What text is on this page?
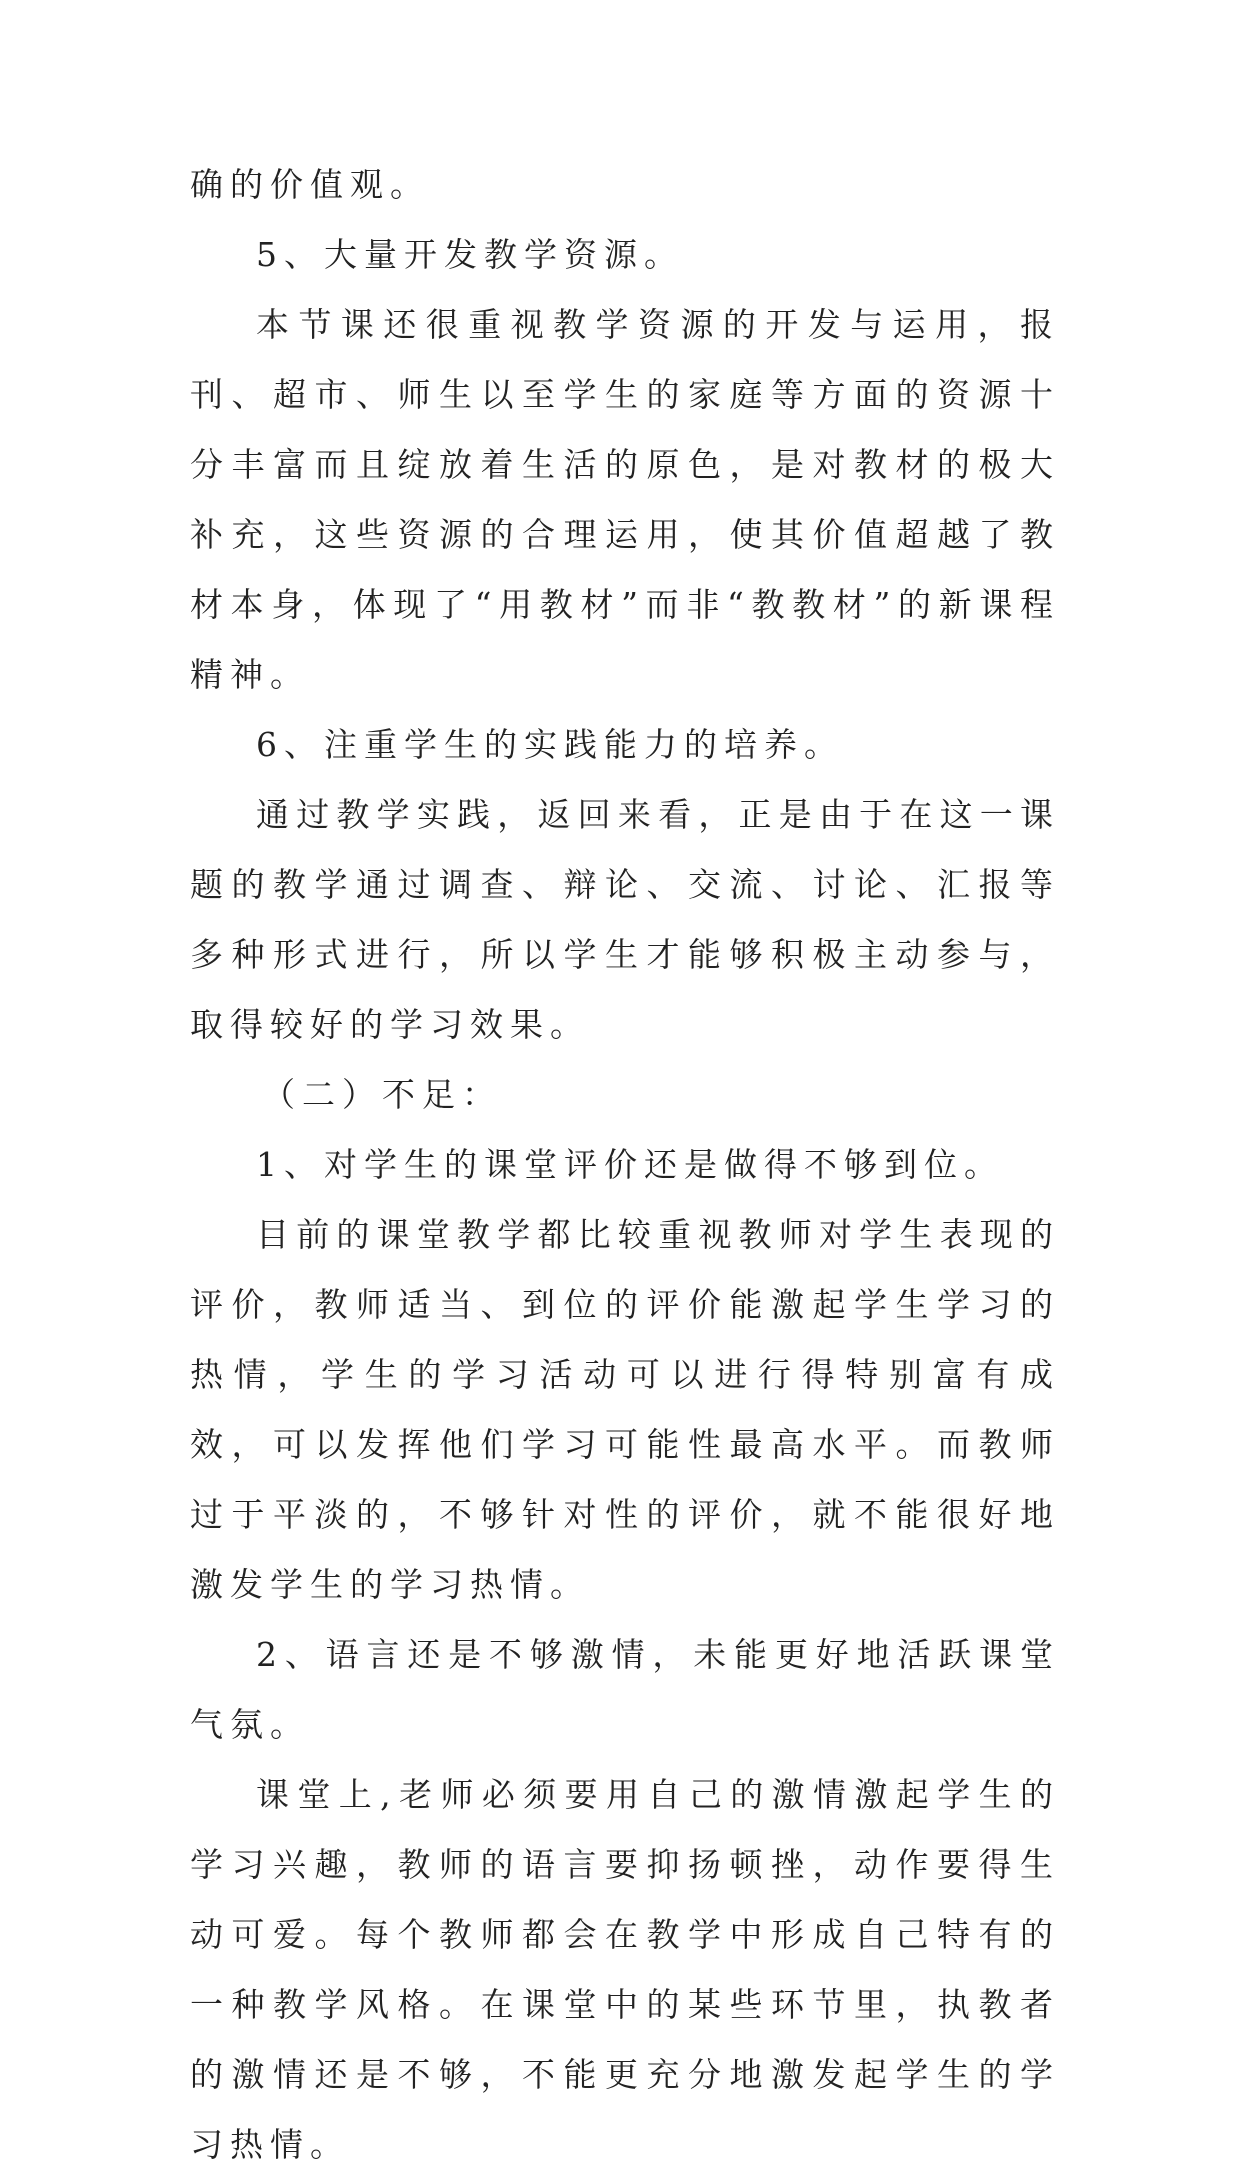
确的价值观。

5、大量开发教学资源。

本节课还很重视教学资源的开发与运用，报刊、超市、师生以至学生的家庭等方面的资源十分丰富而且绽放着生活的原色，是对教材的极大补充，这些资源的合理运用，使其价值超越了教材本身，体现了“用教材”而非“教教材”的新课程精神。

6、注重学生的实践能力的培养。

通过教学实践，返回来看，正是由于在这一课题的教学通过调查、辩论、交流、讨论、汇报等多种形式进行，所以学生才能够积极主动参与，取得较好的学习效果。

（二）不足：

1、对学生的课堂评价还是做得不够到位。

目前的课堂教学都比较重视教师对学生表现的评价，教师适当、到位的评价能激起学生学习的热情，学生的学习活动可以进行得特别富有成效，可以发挥他们学习可能性最高水平。而教师过于平淡的，不够针对性的评价，就不能很好地激发学生的学习热情。

2、语言还是不够激情，未能更好地活跃课堂气氛。

课堂上,老师必须要用自己的激情激起学生的学习兴趣，教师的语言要抑扬顿挫，动作要得生动可爱。每个教师都会在教学中形成自己特有的一种教学风格。在课堂中的某些环节里，执教者的激情还是不够，不能更充分地激发起学生的学习热情。
